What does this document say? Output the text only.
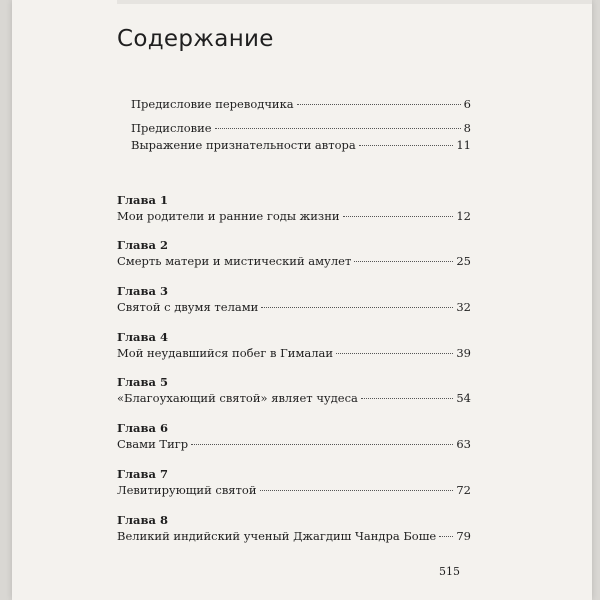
Содержание
Предисловие переводчика	6
Предисловие	8
Выражение признательности автора	11
Глава 1
Мои родители и ранние годы жизни	12
Глава 2
Смерть матери и мистический амулет	25
Глава 3
Святой с двумя телами	32
Глава 4
Мой неудавшийся побег в Гималаи	39
Глава 5
«Благоухающий святой» являет чудеса	54
Глава 6
Свами Тигр	63
Глава 7
Левитирующий святой	72
Глава 8
Великий индийский ученый Джагдиш Чандра Боше 79
515
